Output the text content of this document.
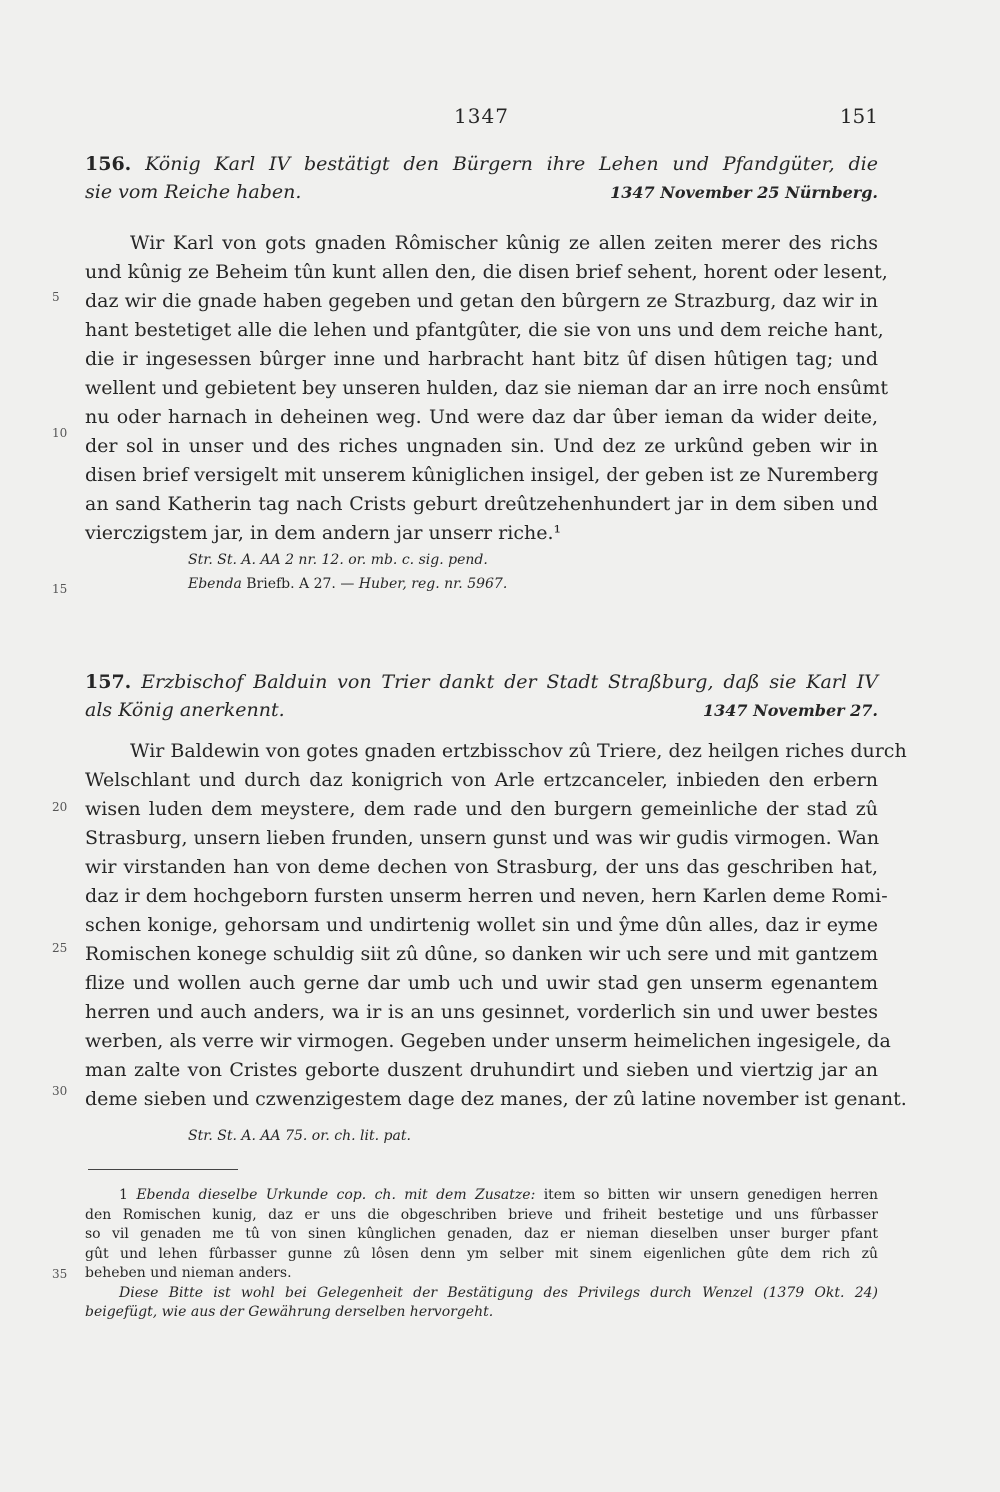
1347	151
156. König Karl IV bestätigt den Bürgern ihre Lehen und Pfandgüter, die
sie vom Reiche haben.	1347 November 25 Nürnberg.
Wir Karl von gots gnaden Rômischer kûnig ze allen zeiten merer des richs
und kûnig ze Beheim tûn kunt allen den, die disen brief sehent, horent oder lesent,
daz wir die gnade haben gegeben und getan den bûrgern ze Strazburg, daz wir in
hant bestetiget alle die lehen und pfantgûter, die sie von uns und dem reiche hant,
die ir ingesessen bûrger inne und harbracht hant bitz ûf disen hûtigen tag; und
wellent und gebietent bey unseren hulden, daz sie nieman dar an irre noch ensûmt
nu oder harnach in deheinen weg. Und were daz dar ûber ieman da wider deite,
der sol in unser und des riches ungnaden sin. Und dez ze urkûnd geben wir in
disen brief versigelt mit unserem kûniglichen insigel, der geben ist ze Nuremberg
an sand Katherin tag nach Crists geburt dreûtzehenhundert jar in dem siben und
vierczigstem jar, in dem andern jar unserr riche.¹
Str. St. A. AA 2 nr. 12. or. mb. c. sig. pend.
Ebenda Briefb. A 27. — Huber, reg. nr. 5967.
157. Erzbischof Balduin von Trier dankt der Stadt Straßburg, daß sie Karl IV
als König anerkennt.	1347 November 27.
Wir Baldewin von gotes gnaden ertzbisschov zû Triere, dez heilgen riches durch
Welschlant und durch daz konigrich von Arle ertzcanceler, inbieden den erbern
wisen luden dem meystere, dem rade und den burgern gemeinliche der stad zû
Strasburg, unsern lieben frunden, unsern gunst und was wir gudis virmogen. Wan
wir virstanden han von deme dechen von Strasburg, der uns das geschriben hat,
daz ir dem hochgeborn fursten unserm herren und neven, hern Karlen deme Romi-
schen konige, gehorsam und undirtenig wollet sin und ŷme dûn alles, daz ir eyme
Romischen konege schuldig siit zû dûne, so danken wir uch sere und mit gantzem
flize und wollen auch gerne dar umb uch und uwir stad gen unserm egenantem
herren und auch anders, wa ir is an uns gesinnet, vorderlich sin und uwer bestes
werben, als verre wir virmogen. Gegeben under unserm heimelichen ingesigele, da
man zalte von Cristes geborte duszent druhundirt und sieben und viertzig jar an
deme sieben und czwenzigestem dage dez manes, der zû latine november ist genant.
Str. St. A. AA 75. or. ch. lit. pat.
5
10
15
20
25
30
35
1 Ebenda dieselbe Urkunde cop. ch. mit dem Zusatze: item so bitten wir unsern genedigen herren
den Romischen kunig, daz er uns die obgeschriben brieve und friheit bestetige und uns fûrbasser
so vil genaden me tû von sinen kûnglichen genaden, daz er nieman dieselben unser burger pfant
gût und lehen fûrbasser gunne zû lôsen denn ym selber mit sinem eigenlichen gûte dem rich zû
beheben und nieman anders.
Diese Bitte ist wohl bei Gelegenheit der Bestätigung des Privilegs durch Wenzel (1379 Okt. 24)
beigefügt, wie aus der Gewährung derselben hervorgeht.
